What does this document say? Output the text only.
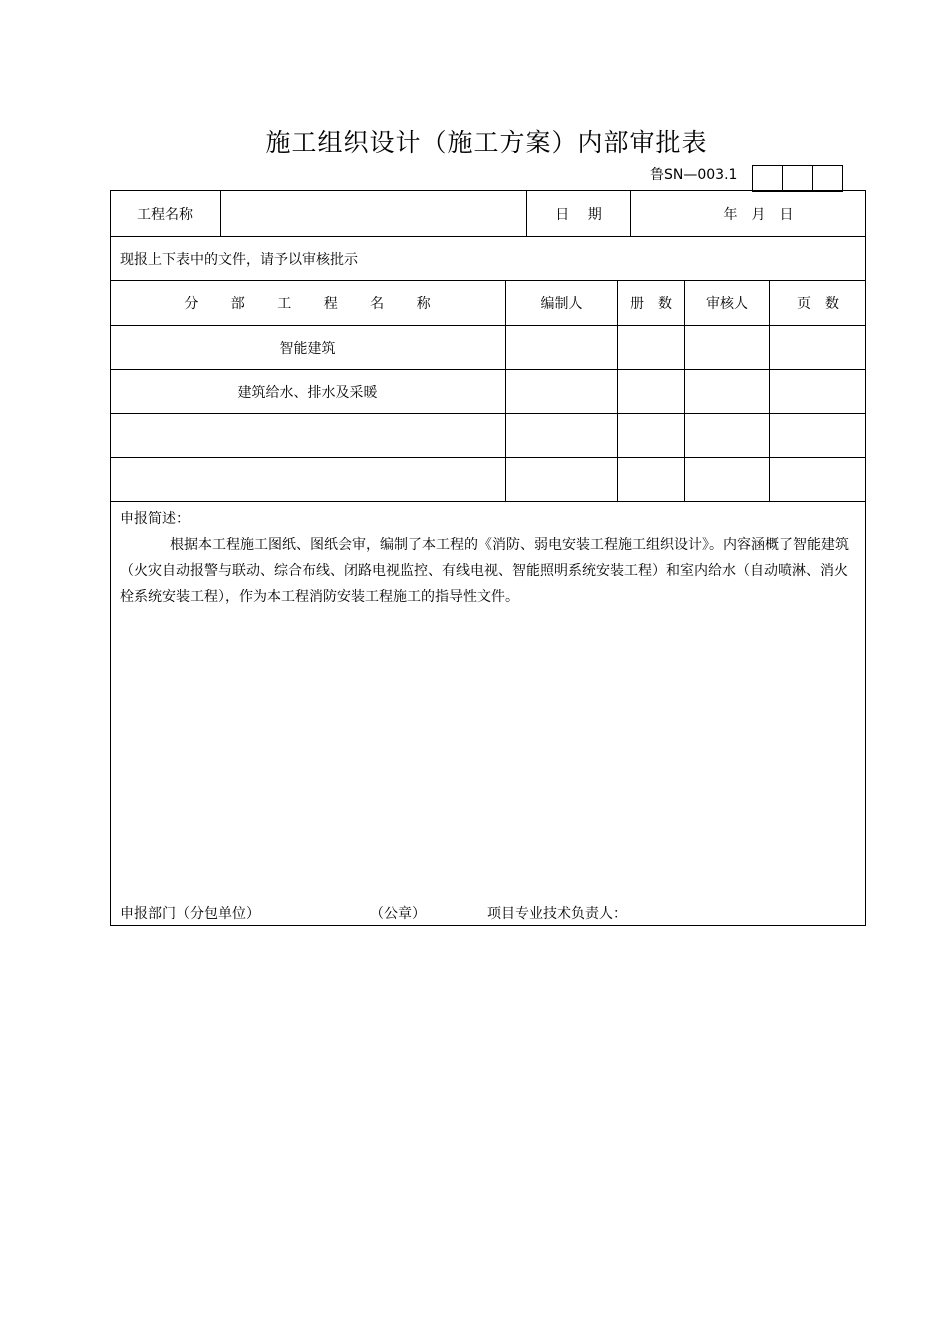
施工组织设计（施工方案）内部审批表
鲁SN—003.1
工程名称	日　 期	年　月　日
现报上下表中的文件，请予以审核批示
分 部 工 程 名 称	编制人	册　数	审核人	页　数
智能建筑
建筑给水、排水及采暖

申报简述：

根据本工程施工图纸、图纸会审，编制了本工程的《消防、弱电安装工程施工组织设计》。内容涵概了智能建筑（火灾自动报警与联动、综合布线、闭路电视监控、有线电视、智能照明系统安装工程）和室内给水（自动喷淋、消火栓系统安装工程），作为本工程消防安装工程施工的指导性文件。

申报部门（分包单位）	（公章）	项目专业技术负责人：
